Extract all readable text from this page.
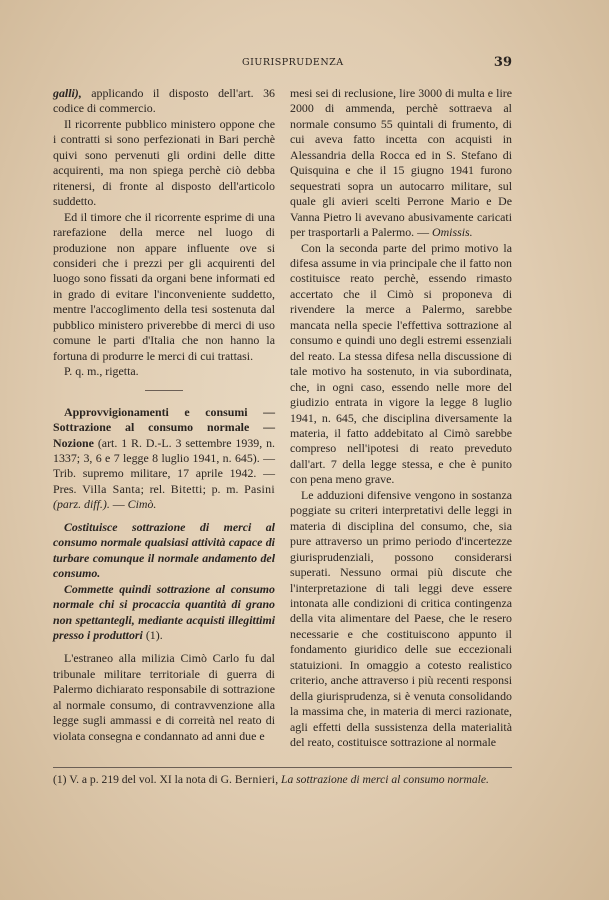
GIURISPRUDENZA	39

galli), applicando il disposto dell'art. 36 codice di commercio.

Il ricorrente pubblico ministero oppone che i contratti si sono perfezionati in Bari perchè quivi sono pervenuti gli ordini delle ditte acquirenti, ma non spiega perchè ciò debba ritenersi, di fronte al disposto dell'articolo suddetto.

Ed il timore che il ricorrente esprime di una rarefazione della merce nel luogo di produzione non appare influente ove si consideri che i prezzi per gli acquirenti del luogo sono fissati da organi bene informati ed in grado di evitare l'inconveniente suddetto, mentre l'accoglimento della tesi sostenuta dal pubblico ministero priverebbe di merci di uso comune le parti d'Italia che non hanno la fortuna di produrre le merci di cui trattasi.

P. q. m., rigetta.

Approvvigionamenti e consumi — Sottrazione al consumo normale — Nozione (art. 1 R. D.-L. 3 settembre 1939, n. 1337; 3, 6 e 7 legge 8 luglio 1941, n. 645). — Trib. supremo militare, 17 aprile 1942. — Pres. Villa Santa; rel. Bitetti; p. m. Pasini (parz. diff.). — Cimò.

Costituisce sottrazione di merci al consumo normale qualsiasi attività capace di turbare comunque il normale andamento del consumo.

Commette quindi sottrazione al consumo normale chi si procaccia quantità di grano non spettantegli, mediante acquisti illegittimi presso i produttori (1).

L'estraneo alla milizia Cimò Carlo fu dal tribunale militare territoriale di guerra di Palermo dichiarato responsabile di sottrazione al normale consumo, di contravvenzione alla legge sugli ammassi e di correità nel reato di violata consegna e condannato ad anni due e

mesi sei di reclusione, lire 3000 di multa e lire 2000 di ammenda, perchè sottraeva al normale consumo 55 quintali di frumento, di cui aveva fatto incetta con acquisti in Alessandria della Rocca ed in S. Stefano di Quisquina e che il 15 giugno 1941 furono sequestrati sopra un autocarro militare, sul quale gli avieri scelti Perrone Mario e De Vanna Pietro li avevano abusivamente caricati per trasportarli a Palermo. — Omissis.

Con la seconda parte del primo motivo la difesa assume in via principale che il fatto non costituisce reato perchè, essendo rimasto accertato che il Cimò si proponeva di rivendere la merce a Palermo, sarebbe mancata nella specie l'effettiva sottrazione al consumo e quindi uno degli estremi essenziali del reato. La stessa difesa nella discussione di tale motivo ha sostenuto, in via subordinata, che, in ogni caso, essendo nelle more del giudizio entrata in vigore la legge 8 luglio 1941, n. 645, che disciplina diversamente la materia, il fatto addebitato al Cimò sarebbe compreso nell'ipotesi di reato preveduto dall'art. 7 della legge stessa, e che è punito con pena meno grave.

Le adduzioni difensive vengono in sostanza poggiate su criteri interpretativi delle leggi in materia di disciplina del consumo, che, sia pure attraverso un primo periodo d'incertezze giurisprudenziali, possono considerarsi superati. Nessuno ormai più discute che l'interpretazione di tali leggi deve essere intonata alle condizioni di critica contingenza della vita alimentare del Paese, che le resero necessarie e che costituiscono appunto il fondamento giuridico delle sue eccezionali statuizioni. In omaggio a cotesto realistico criterio, anche attraverso i più recenti responsi della giurisprudenza, si è venuta consolidando la massima che, in materia di merci razionate, agli effetti della sussistenza della materialità del reato, costituisce sottrazione al normale

(1) V. a p. 219 del vol. XI la nota di G. Bernieri, La sottrazione di merci al consumo normale.
